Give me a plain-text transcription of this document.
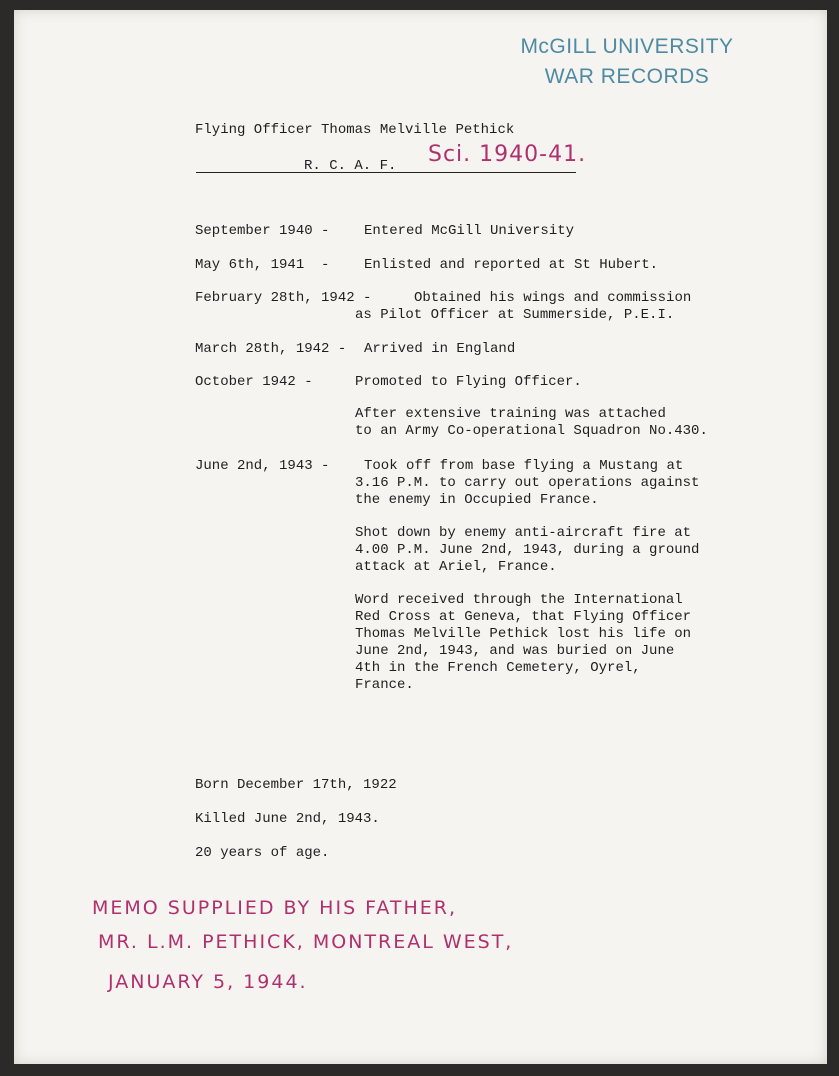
McGILL UNIVERSITY
WAR RECORDS
Flying Officer Thomas Melville Pethick
R. C. A. F. Sci. 1940-41.
September 1940 - Entered McGill University
May 6th, 1941  - Enlisted and reported at St Hubert.
February 28th, 1942 -	Obtained his wings and commission
as Pilot Officer at Summerside, P.E.I.
March 28th, 1942 - Arrived in England
October 1942 -	Promoted to Flying Officer.
After extensive training was attached
to an Army Co-operational Squadron No.430.
June 2nd, 1943 - Took off from base flying a Mustang at
3.16 P.M. to carry out operations against
the enemy in Occupied France.
Shot down by enemy anti-aircraft fire at
4.00 P.M. June 2nd, 1943, during a ground
attack at Ariel, France.
Word received through the International
Red Cross at Geneva, that Flying Officer
Thomas Melville Pethick lost his life on
June 2nd, 1943, and was buried on June
4th in the French Cemetery, Oyrel,
France.
Born December 17th, 1922
Killed June 2nd, 1943.
20 years of age.
MEMO SUPPLIED BY HIS FATHER,
MR. L.M. PETHICK, MONTREAL WEST,
JANUARY 5, 1944.
